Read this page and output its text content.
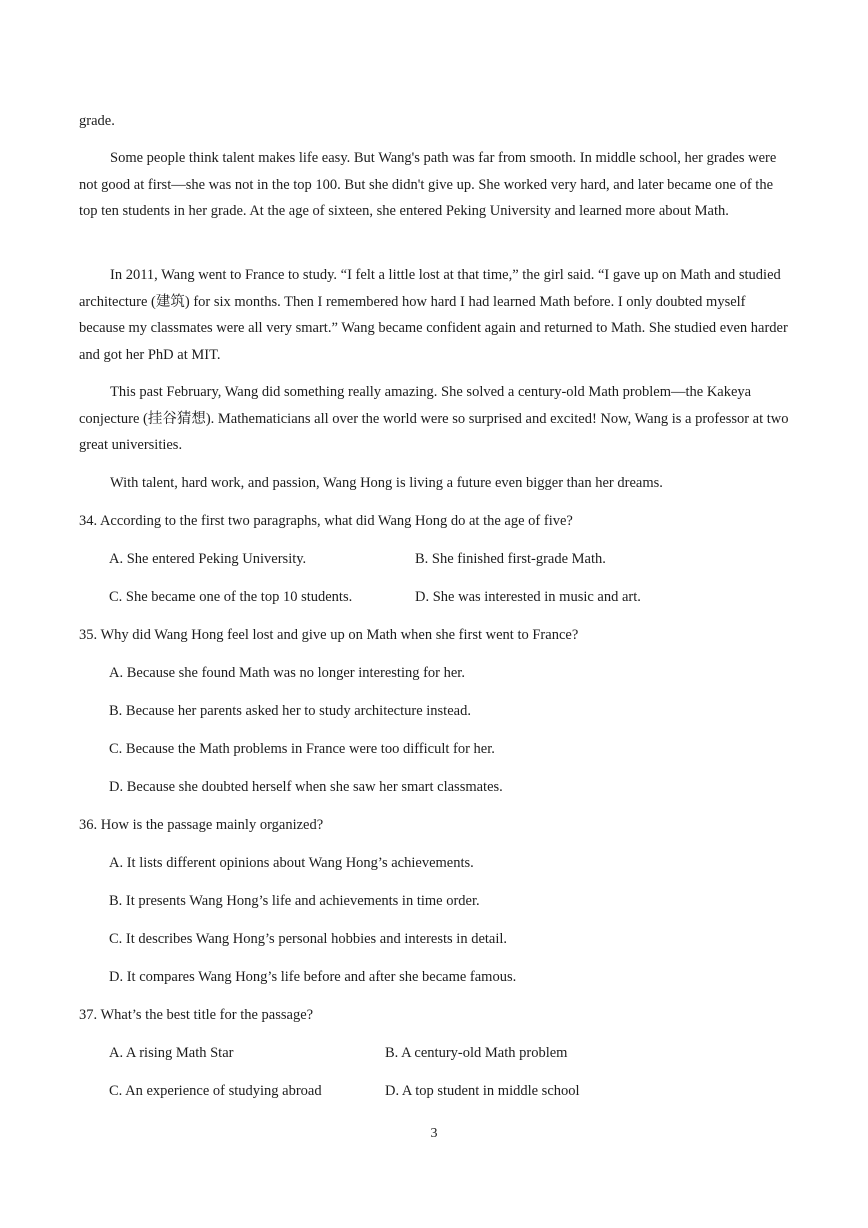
grade.

Some people think talent makes life easy. But Wang's path was far from smooth. In middle school, her grades were not good at first—she was not in the top 100. But she didn't give up. She worked very hard, and later became one of the top ten students in her grade. At the age of sixteen, she entered Peking University and learned more about Math.

In 2011, Wang went to France to study. “I felt a little lost at that time,” the girl said. “I gave up on Math and studied architecture (建筑) for six months. Then I remembered how hard I had learned Math before. I only doubted myself because my classmates were all very smart.” Wang became confident again and returned to Math. She studied even harder and got her PhD at MIT.

This past February, Wang did something really amazing. She solved a century-old Math problem—the Kakeya conjecture (挂谷猜想). Mathematicians all over the world were so surprised and excited! Now, Wang is a professor at two great universities.

With talent, hard work, and passion, Wang Hong is living a future even bigger than her dreams.

34. According to the first two paragraphs, what did Wang Hong do at the age of five?

A. She entered Peking University.	B. She finished first-grade Math.

C. She became one of the top 10 students.	D. She was interested in music and art.

35. Why did Wang Hong feel lost and give up on Math when she first went to France?

A. Because she found Math was no longer interesting for her.

B. Because her parents asked her to study architecture instead.

C. Because the Math problems in France were too difficult for her.

D. Because she doubted herself when she saw her smart classmates.

36. How is the passage mainly organized?

A. It lists different opinions about Wang Hong’s achievements.

B. It presents Wang Hong’s life and achievements in time order.

C. It describes Wang Hong’s personal hobbies and interests in detail.

D. It compares Wang Hong’s life before and after she became famous.

37. What’s the best title for the passage?

A. A rising Math Star	B. A century-old Math problem

C. An experience of studying abroad	D. A top student in middle school

3
